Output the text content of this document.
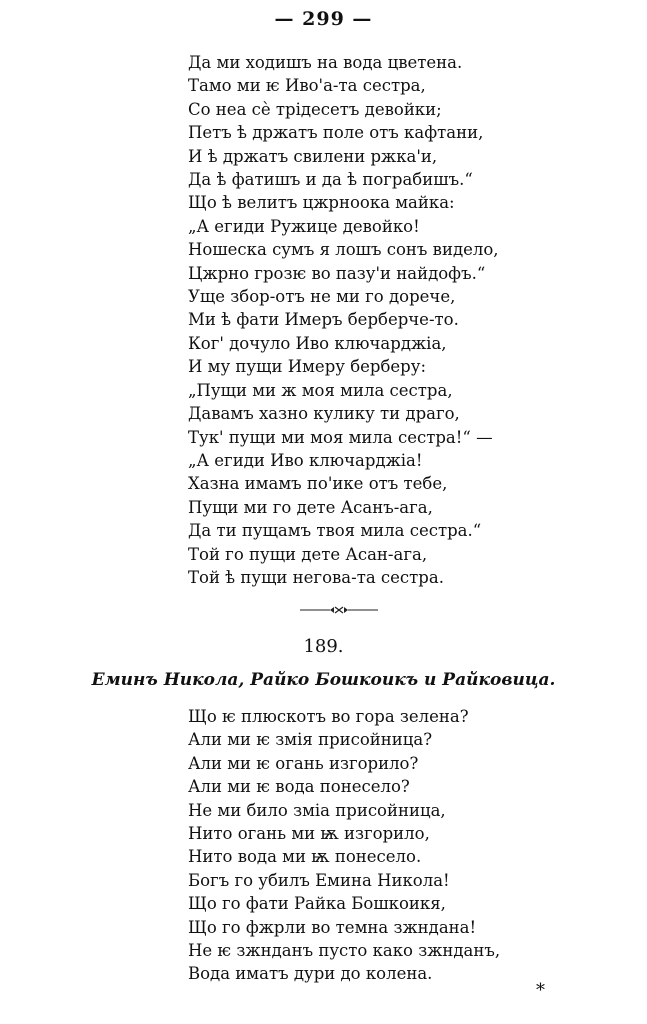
— 299 —
Да ми ходишъ на вода цветена.
Тамо ми ѥ Иво'а-та сестра,
Со неа сѐ трідесетъ девойки;
Петъ ѣ држатъ поле отъ кафтани,
И ѣ држатъ свилени ржка'и,
Да ѣ фатишъ и да ѣ пограбишъ.“
Що ѣ велитъ цжрноока майка:
„А егиди Ружице девойко!
Ношеска сумъ я лошъ сонъ видело,
Цжрно грозѥ во пазу'и найдофъ.“
Уще збор-отъ не ми го дорече,
Ми ѣ фати Имеръ берберче-то.
Ког' дочуло Иво ключарджіа,
И му пущи Имеру берберу:
„Пущи ми ж моя мила сестра,
Давамъ хазно кулику ти драго,
Тук' пущи ми моя мила сестра!“ —
„А егиди Иво ключарджіа!
Хазна имамъ по'ике отъ тебе,
Пущи ми го дете Асанъ-ага,
Да ти пущамъ твоя мила сестра.“
Той го пущи дете Асан-ага,
Той ѣ пущи негова-та сестра.
189.
Еминъ Никола, Райко Бошкоикъ и Райковица.
Що ѥ плюскотъ во гора зелена?
Али ми ѥ змія присойница?
Али ми ѥ огань изгорило?
Али ми ѥ вода понесело?
Не ми било зміа присойница,
Нито огань ми ѭ изгорило,
Нито вода ми ѭ понесело.
Богъ го убилъ Емина Никола!
Що го фати Райка Бошкоикя,
Що го фжрли во темна зжндана!
Не ѥ зжнданъ пусто како зжнданъ,
Вода иматъ дури до колена.
*
